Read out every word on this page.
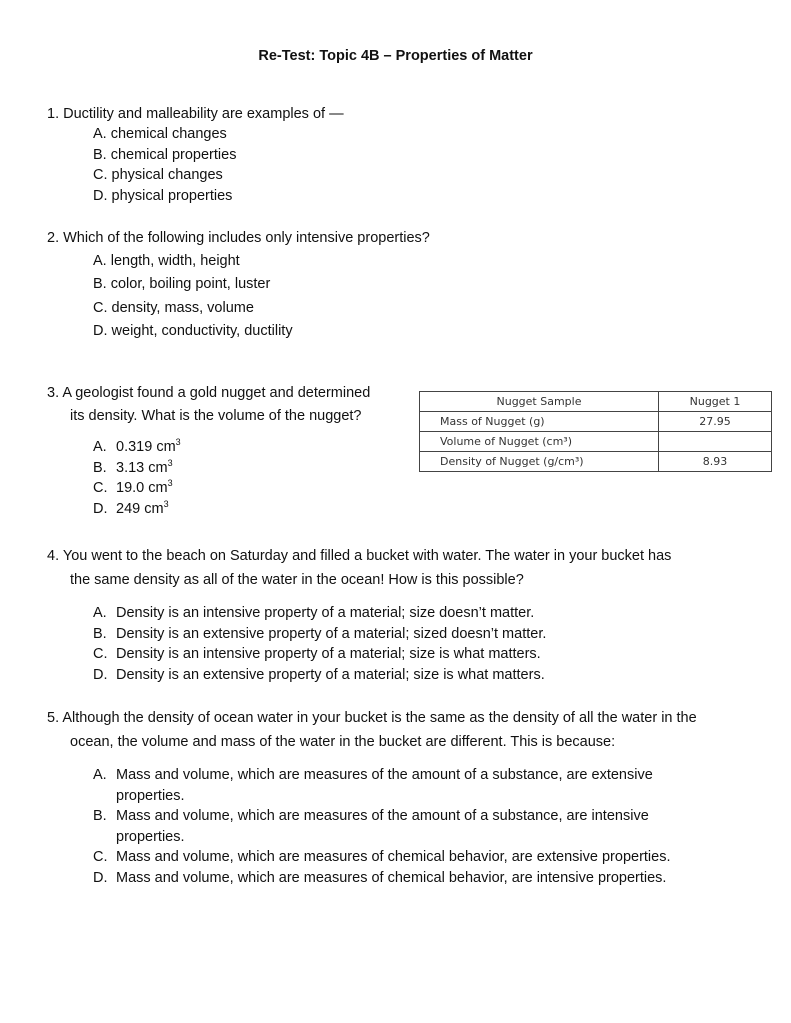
Re-Test: Topic 4B – Properties of Matter
1. Ductility and malleability are examples of —
A. chemical changes
B. chemical properties
C. physical changes
D. physical properties
2. Which of the following includes only intensive properties?
A. length, width, height
B. color, boiling point, luster
C. density, mass, volume
D. weight, conductivity, ductility
3. A geologist found a gold nugget and determined
its density. What is the volume of the nugget?
A. 0.319 $cm^3$
B. 3.13 $cm^3$
C. 19.0 $cm^3$
D. 249 $cm^3$
Nugget Sample	Nugget 1
Mass of Nugget (g)	27.95
Volume of Nugget (cm³)	
Density of Nugget (g/cm³)	8.93
4. You went to the beach on Saturday and filled a bucket with water. The water in your bucket has
the same density as all of the water in the ocean! How is this possible?
A. Density is an intensive property of a material; size doesn’t matter.
B. Density is an extensive property of a material; sized doesn’t matter.
C. Density is an intensive property of a material; size is what matters.
D. Density is an extensive property of a material; size is what matters.
5. Although the density of ocean water in your bucket is the same as the density of all the water in the
ocean, the volume and mass of the water in the bucket are different. This is because:
A. Mass and volume, which are measures of the amount of a substance, are extensive properties.
B. Mass and volume, which are measures of the amount of a substance, are intensive properties.
C. Mass and volume, which are measures of chemical behavior, are extensive properties.
D. Mass and volume, which are measures of chemical behavior, are intensive properties.
